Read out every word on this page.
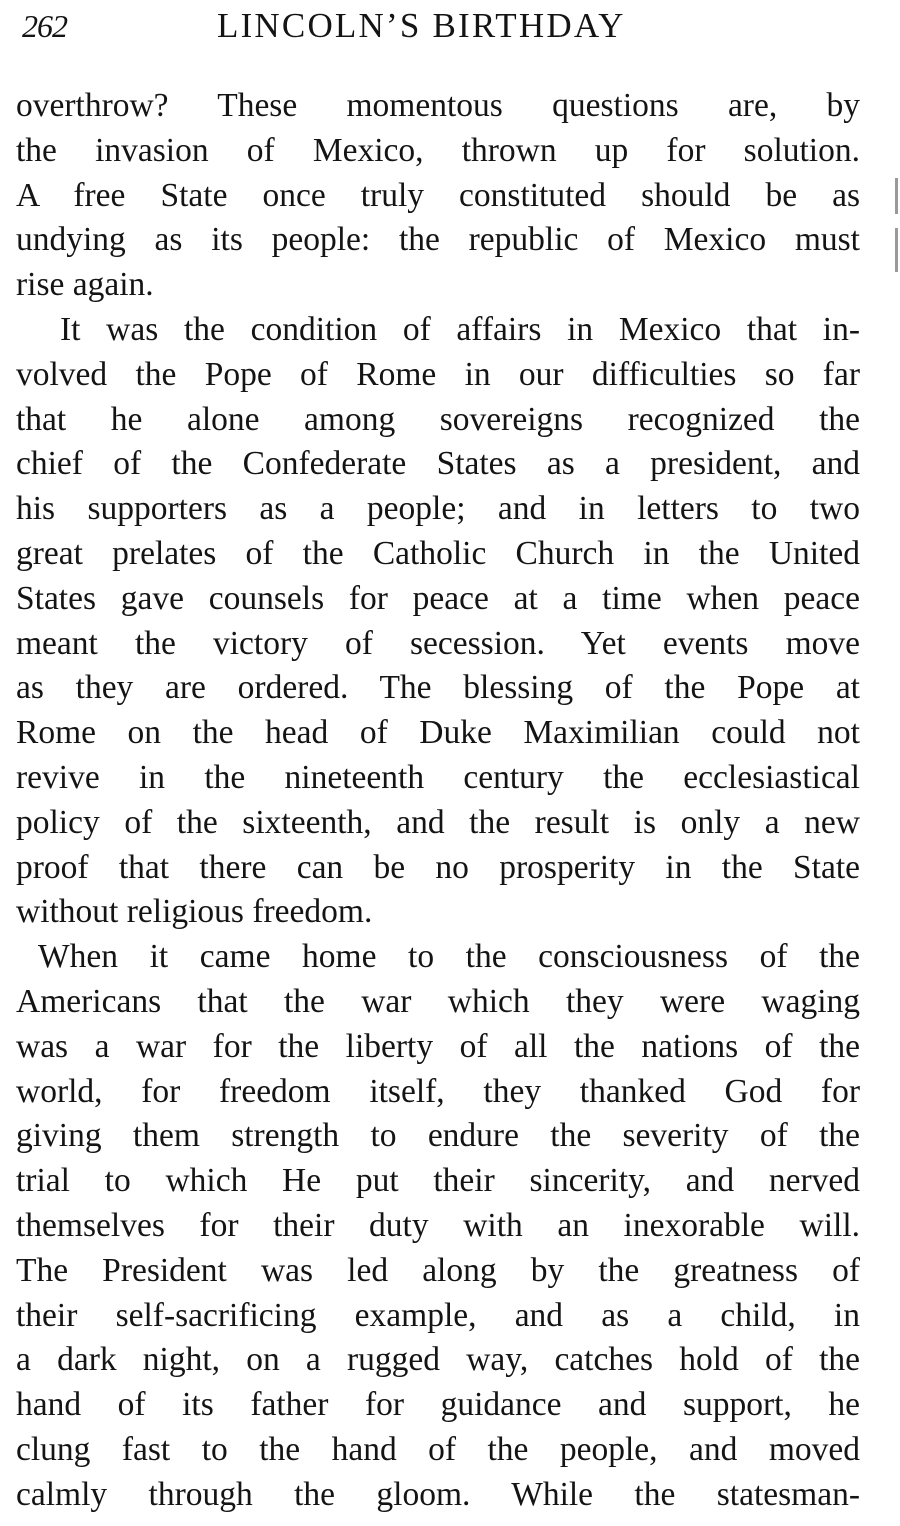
262	LINCOLN’S BIRTHDAY
overthrow? These momentous questions are, by
the invasion of Mexico, thrown up for solution.
A free State once truly constituted should be as
undying as its people: the republic of Mexico must
rise again.
It was the condition of affairs in Mexico that in-
volved the Pope of Rome in our difficulties so far
that he alone among sovereigns recognized the
chief of the Confederate States as a president, and
his supporters as a people; and in letters to two
great prelates of the Catholic Church in the United
States gave counsels for peace at a time when peace
meant the victory of secession. Yet events move
as they are ordered. The blessing of the Pope at
Rome on the head of Duke Maximilian could not
revive in the nineteenth century the ecclesiastical
policy of the sixteenth, and the result is only a new
proof that there can be no prosperity in the State
without religious freedom.
When it came home to the consciousness of the
Americans that the war which they were waging
was a war for the liberty of all the nations of the
world, for freedom itself, they thanked God for
giving them strength to endure the severity of the
trial to which He put their sincerity, and nerved
themselves for their duty with an inexorable will.
The President was led along by the greatness of
their self-sacrificing example, and as a child, in
a dark night, on a rugged way, catches hold of the
hand of its father for guidance and support, he
clung fast to the hand of the people, and moved
calmly through the gloom. While the statesman-
